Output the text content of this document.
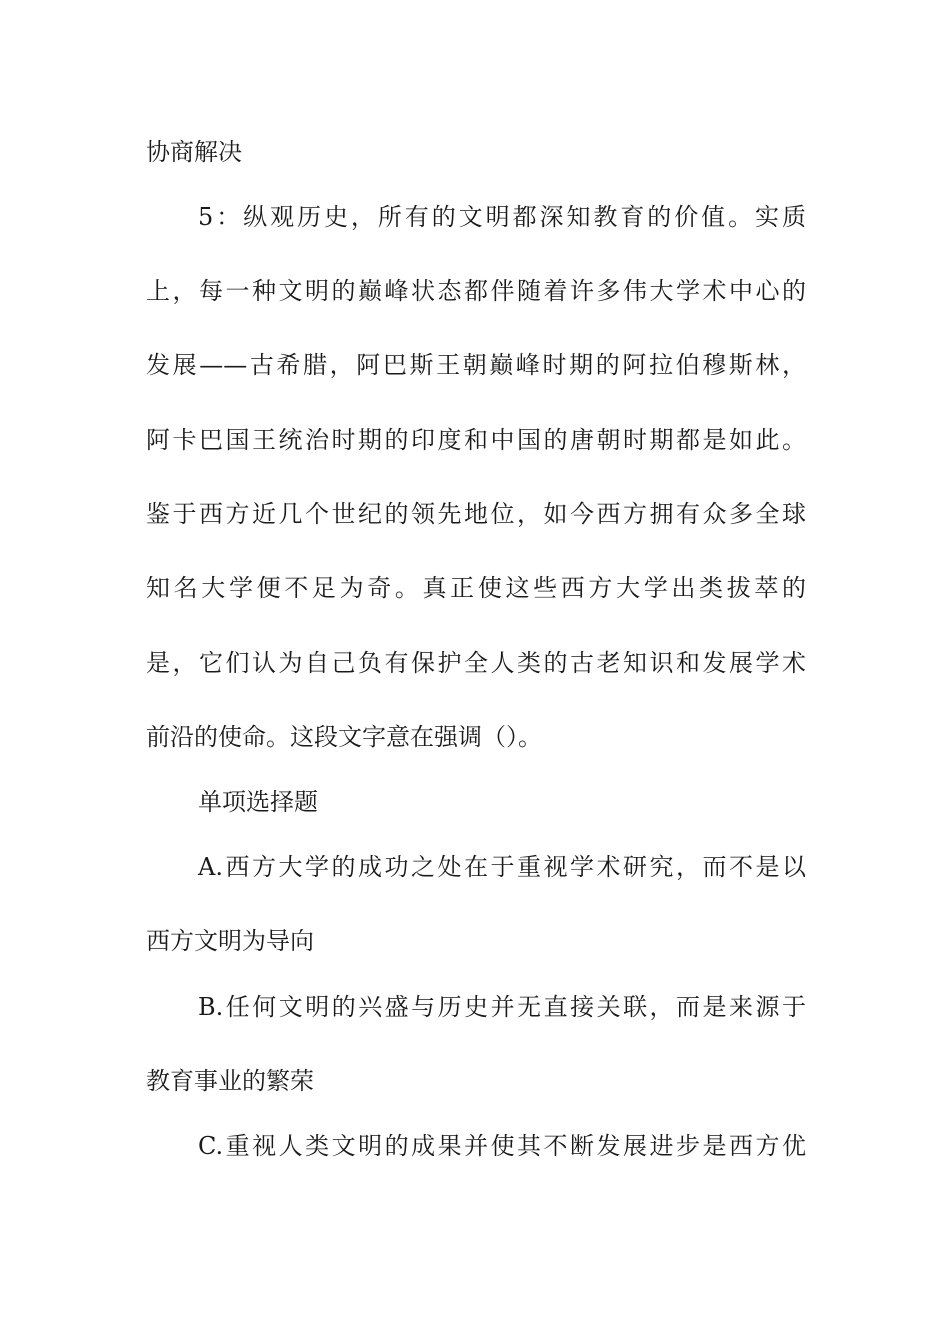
协商解决
5：纵观历史，所有的文明都深知教育的价值。实质
上，每一种文明的巅峰状态都伴随着许多伟大学术中心的
发展——古希腊，阿巴斯王朝巅峰时期的阿拉伯穆斯林，
阿卡巴国王统治时期的印度和中国的唐朝时期都是如此。
鉴于西方近几个世纪的领先地位，如今西方拥有众多全球
知名大学便不足为奇。真正使这些西方大学出类拔萃的
是，它们认为自己负有保护全人类的古老知识和发展学术
前沿的使命。这段文字意在强调（）。
单项选择题
A.西方大学的成功之处在于重视学术研究，而不是以
西方文明为导向
B.任何文明的兴盛与历史并无直接关联，而是来源于
教育事业的繁荣
C.重视人类文明的成果并使其不断发展进步是西方优
